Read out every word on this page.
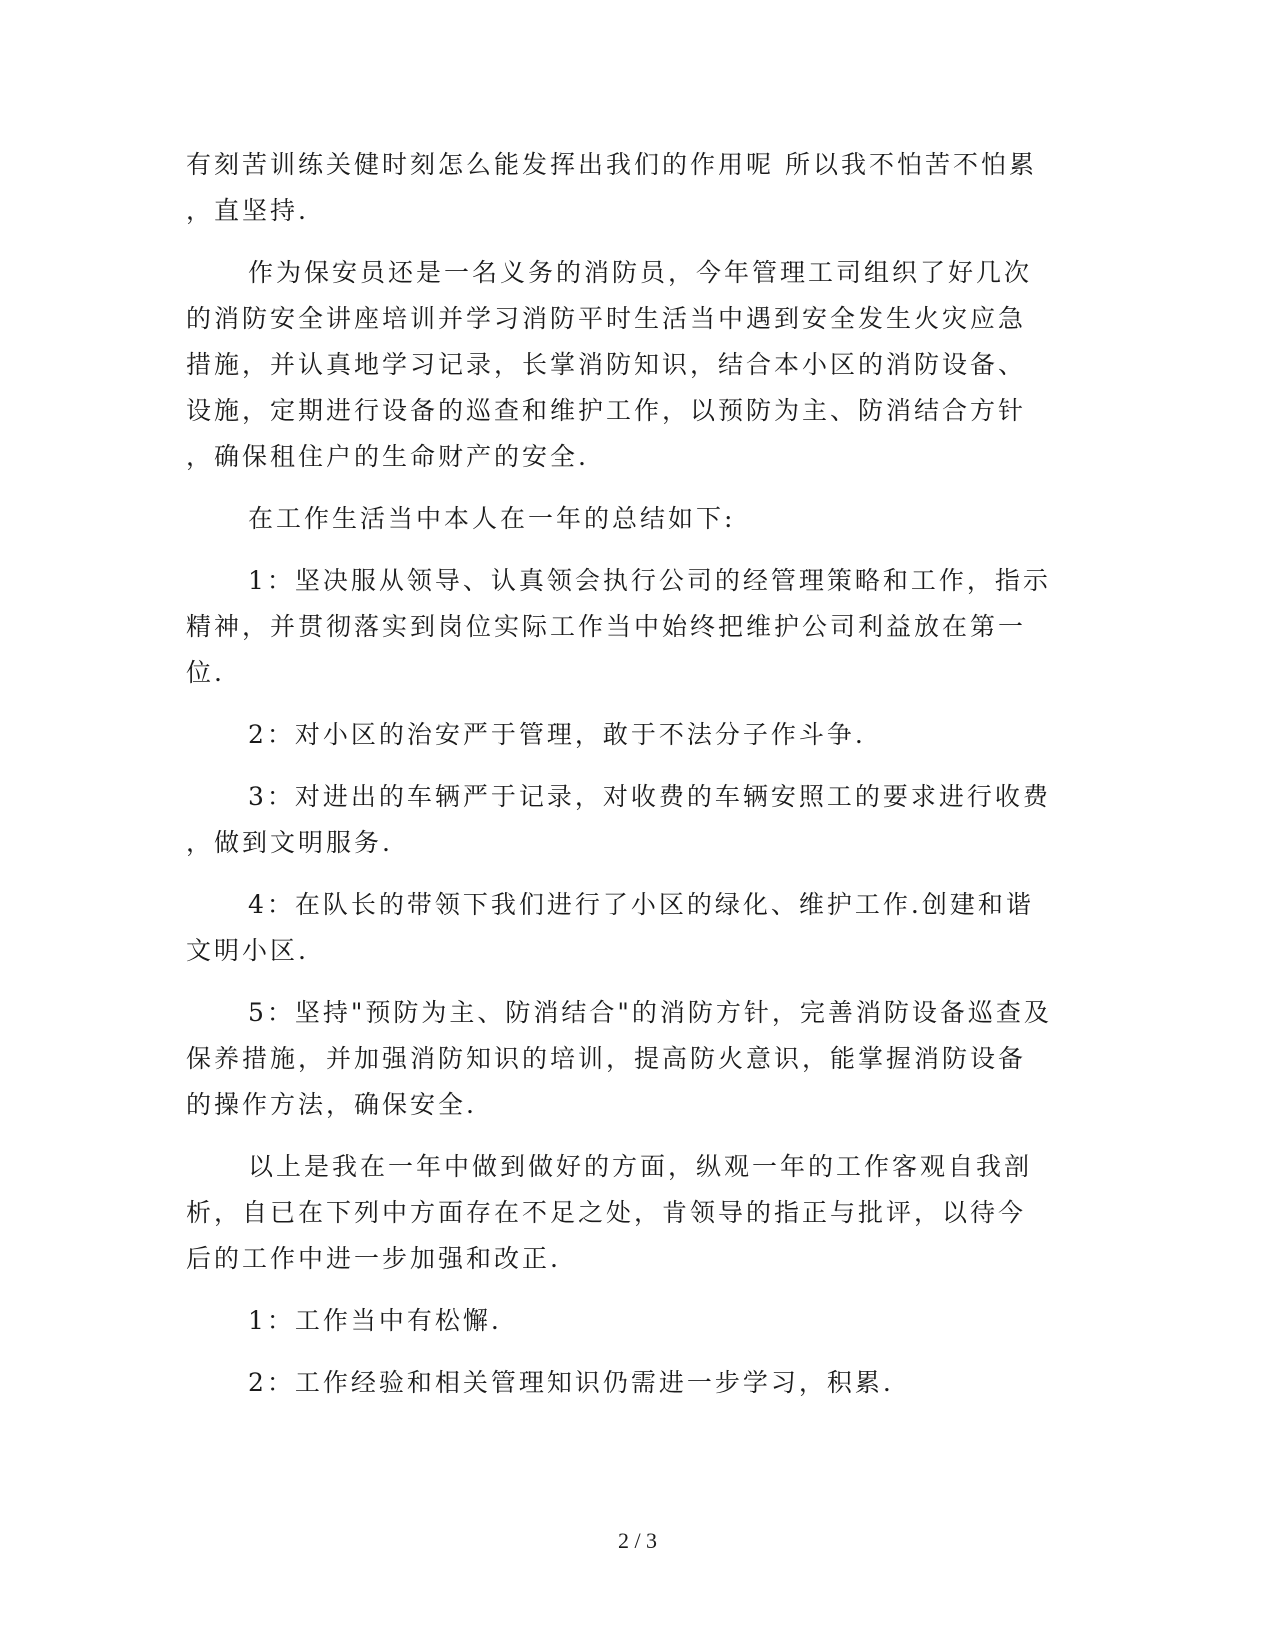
有刻苦训练关健时刻怎么能发挥出我们的作用呢 所以我不怕苦不怕累
，直坚持.
作为保安员还是一名义务的消防员，今年管理工司组织了好几次
的消防安全讲座培训并学习消防平时生活当中遇到安全发生火灾应急
措施，并认真地学习记录，长掌消防知识，结合本小区的消防设备、
设施，定期进行设备的巡查和维护工作，以预防为主、防消结合方针
，确保租住户的生命财产的安全.
在工作生活当中本人在一年的总结如下:
1：坚决服从领导、认真领会执行公司的经管理策略和工作，指示
精神，并贯彻落实到岗位实际工作当中始终把维护公司利益放在第一
位.
2：对小区的治安严于管理，敢于不法分子作斗争.
3：对进出的车辆严于记录，对收费的车辆安照工的要求进行收费
，做到文明服务.
4：在队长的带领下我们进行了小区的绿化、维护工作.创建和谐
文明小区.
5：坚持"预防为主、防消结合"的消防方针，完善消防设备巡查及
保养措施，并加强消防知识的培训，提高防火意识，能掌握消防设备
的操作方法，确保安全.
以上是我在一年中做到做好的方面，纵观一年的工作客观自我剖
析，自已在下列中方面存在不足之处，肯领导的指正与批评，以待今
后的工作中进一步加强和改正.
1：工作当中有松懈.
2：工作经验和相关管理知识仍需进一步学习，积累.
2 / 3
